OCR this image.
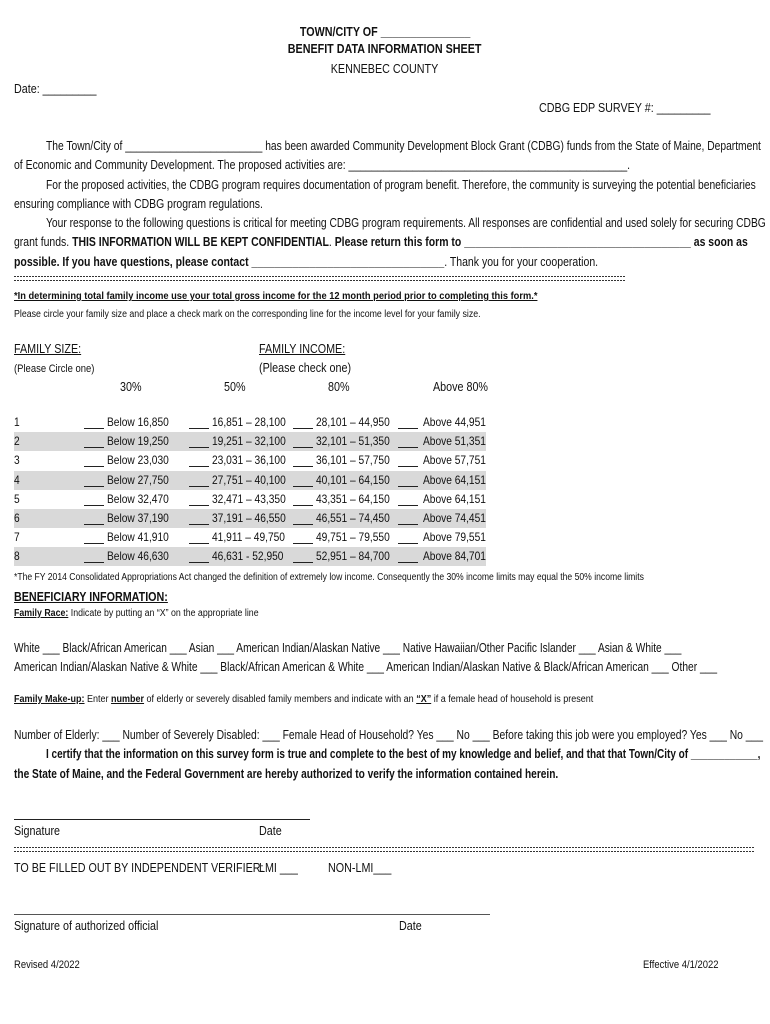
TOWN/CITY OF _______________
BENEFIT DATA INFORMATION SHEET
KENNEBEC COUNTY
Date: _________
CDBG EDP SURVEY #: _________
The Town/City of ________________________ has been awarded Community Development Block Grant (CDBG) funds from the State of Maine, Department
of Economic and Community Development. The proposed activities are: ________________________________________________.
For the proposed activities, the CDBG program requires documentation of program benefit. Therefore, the community is surveying the potential beneficiaries
ensuring compliance with CDBG program regulations.
Your response to the following questions is critical for meeting CDBG program requirements. All responses are confidential and used solely for securing CDBG
grant funds. THIS INFORMATION WILL BE KEPT CONFIDENTIAL. Please return this form to _______________________________________ as soon as
possible. If you have questions, please contact _________________________________. Thank you for your cooperation.
*In determining total family income use your total gross income for the 12 month period prior to completing this form.*
Please circle your family size and place a check mark on the corresponding line for the income level for your family size.
FAMILY SIZE:
(Please Circle one)
FAMILY INCOME:
(Please check one)
30%	50%	80%	Above 80%
1	Below 16,850	16,851 – 28,100	28,101 – 44,950	Above 44,951
2	Below 19,250	19,251 – 32,100	32,101 – 51,350	Above 51,351
3	Below 23,030	23,031 – 36,100	36,101 – 57,750	Above 57,751
4	Below 27,750	27,751 – 40,100	40,101 – 64,150	Above 64,151
5	Below 32,470	32,471 – 43,350	43,351 – 64,150	Above 64,151
6	Below 37,190	37,191 – 46,550	46,551 – 74,450	Above 74,451
7	Below 41,910	41,911 – 49,750	49,751 – 79,550	Above 79,551
8	Below 46,630	46,631 - 52,950	52,951 – 84,700	Above 84,701
*The FY 2014 Consolidated Appropriations Act changed the definition of extremely low income. Consequently the 30% income limits may equal the 50% income limits
BENEFICIARY INFORMATION:
Family Race: Indicate by putting an “X” on the appropriate line
White ___ Black/African American ___ Asian ___ American Indian/Alaskan Native ___ Native Hawaiian/Other Pacific Islander ___ Asian & White ___
American Indian/Alaskan Native & White ___ Black/African American & White ___ American Indian/Alaskan Native & Black/African American ___ Other ___
Family Make-up: Enter number of elderly or severely disabled family members and indicate with an “X” if a female head of household is present
Number of Elderly: ___ Number of Severely Disabled: ___ Female Head of Household? Yes ___ No ___ Before taking this job were you employed? Yes ___ No ___
I certify that the information on this survey form is true and complete to the best of my knowledge and belief, and that that Town/City of ____________,
the State of Maine, and the Federal Government are hereby authorized to verify the information contained herein.
Signature	Date
TO BE FILLED OUT BY INDEPENDENT VERIFIER:
LMI ___ NON-LMI___
Signature of authorized official	Date
Revised 4/2022	Effective 4/1/2022
